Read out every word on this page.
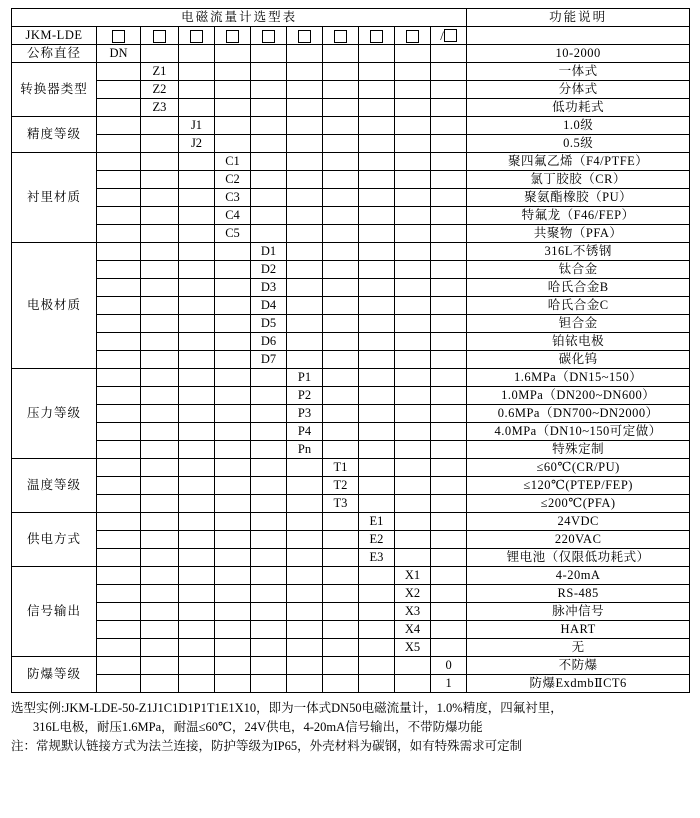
电磁流量计选型表											功能说明
JKM-LDE										/	
公称直径	DN										10-2000
转换器类型		Z1									一体式
		Z2									分体式
		Z3									低功耗式
精度等级			J1								1.0级
			J2								0.5级
衬里材质				C1							聚四氟乙烯（F4/PTFE）
				C2							氯丁胶胶（CR）
				C3							聚氨酯橡胶（PU）
				C4							特氟龙（F46/FEP）
				C5							共聚物（PFA）
电极材质					D1						316L不锈钢
					D2						钛合金
					D3						哈氏合金B
					D4						哈氏合金C
					D5						钽合金
					D6						铂铱电极
					D7						碳化钨
压力等级						P1					1.6MPa（DN15~150）
						P2					1.0MPa（DN200~DN600）
						P3					0.6MPa（DN700~DN2000）
						P4					4.0MPa（DN10~150可定做）
						Pn					特殊定制
温度等级							T1				≤60℃(CR/PU)
							T2				≤120℃(PTEP/FEP)
							T3				≤200℃(PFA)
供电方式								E1			24VDC
								E2			220VAC
								E3			锂电池（仅限低功耗式）
信号输出									X1		4-20mA
									X2		RS-485
									X3		脉冲信号
									X4		HART
									X5		无
防爆等级										0	不防爆
										1	防爆ExdmbⅡCT6
选型实例:JKM-LDE-50-Z1J1C1D1P1T1E1X10，即为一体式DN50电磁流量计，1.0%精度，四氟衬里，
316L电极，耐压1.6MPa，耐温≤60℃，24V供电，4-20mA信号输出，不带防爆功能
注：常规默认链接方式为法兰连接，防护等级为IP65，外壳材料为碳钢，如有特殊需求可定制
